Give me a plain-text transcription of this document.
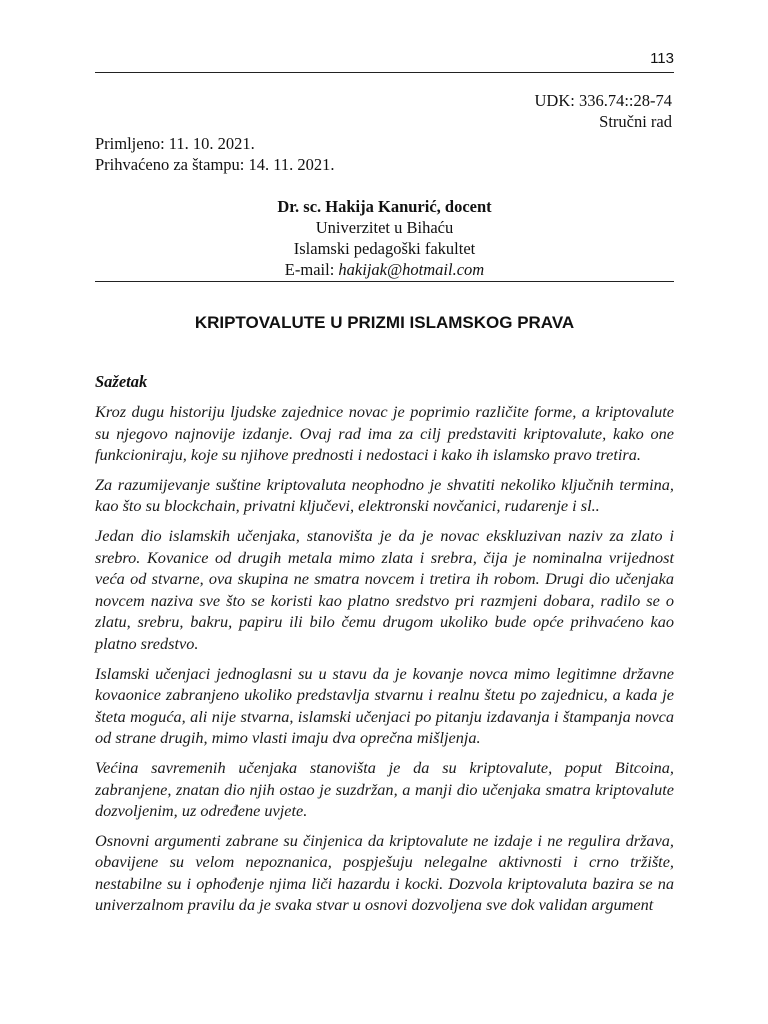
113
UDK: 336.74::28-74
Stručni rad
Primljeno: 11. 10. 2021.
Prihvaćeno za štampu: 14. 11. 2021.
Dr. sc. Hakija Kanurić, docent
Univerzitet u Bihaću
Islamski pedagoški fakultet
E-mail: hakijak@hotmail.com
KRIPTOVALUTE U PRIZMI ISLAMSKOG PRAVA
Sažetak

Kroz dugu historiju ljudske zajednice novac je poprimio različite forme, a kriptovalute su njegovo najnovije izdanje. Ovaj rad ima za cilj predstaviti kriptovalute, kako one funkcioniraju, koje su njihove prednosti i nedostaci i kako ih islamsko pravo tretira.

Za razumijevanje suštine kriptovaluta neophodno je shvatiti nekoliko ključnih termina, kao što su blockchain, privatni ključevi, elektronski novčanici, rudarenje i sl..

Jedan dio islamskih učenjaka, stanovišta je da je novac ekskluzivan naziv za zlato i srebro. Kovanice od drugih metala mimo zlata i srebra, čija je nominalna vrijednost veća od stvarne, ova skupina ne smatra novcem i tretira ih robom. Drugi dio učenjaka novcem naziva sve što se koristi kao platno sredstvo pri razmjeni dobara, radilo se o zlatu, srebru, bakru, papiru ili bilo čemu drugom ukoliko bude opće prihvaćeno kao platno sredstvo.

Islamski učenjaci jednoglasni su u stavu da je kovanje novca mimo legitimne državne kovaonice zabranjeno ukoliko predstavlja stvarnu i realnu štetu po zajednicu, a kada je šteta moguća, ali nije stvarna, islamski učenjaci po pitanju izdavanja i štampanja novca od strane drugih, mimo vlasti imaju dva oprečna mišljenja.

Većina savremenih učenjaka stanovišta je da su kriptovalute, poput Bitcoina, zabranjene, znatan dio njih ostao je suzdržan, a manji dio učenjaka smatra kriptovalute dozvoljenim, uz određene uvjete.

Osnovni argumenti zabrane su činjenica da kriptovalute ne izdaje i ne regulira država, obavijene su velom nepoznanica, pospješuju nelegalne aktivnosti i crno tržište, nestabilne su i ophođenje njima liči hazardu i kocki. Dozvola kriptovaluta bazira se na univerzalnom pravilu da je svaka stvar u osnovi dozvoljena sve dok validan argument
